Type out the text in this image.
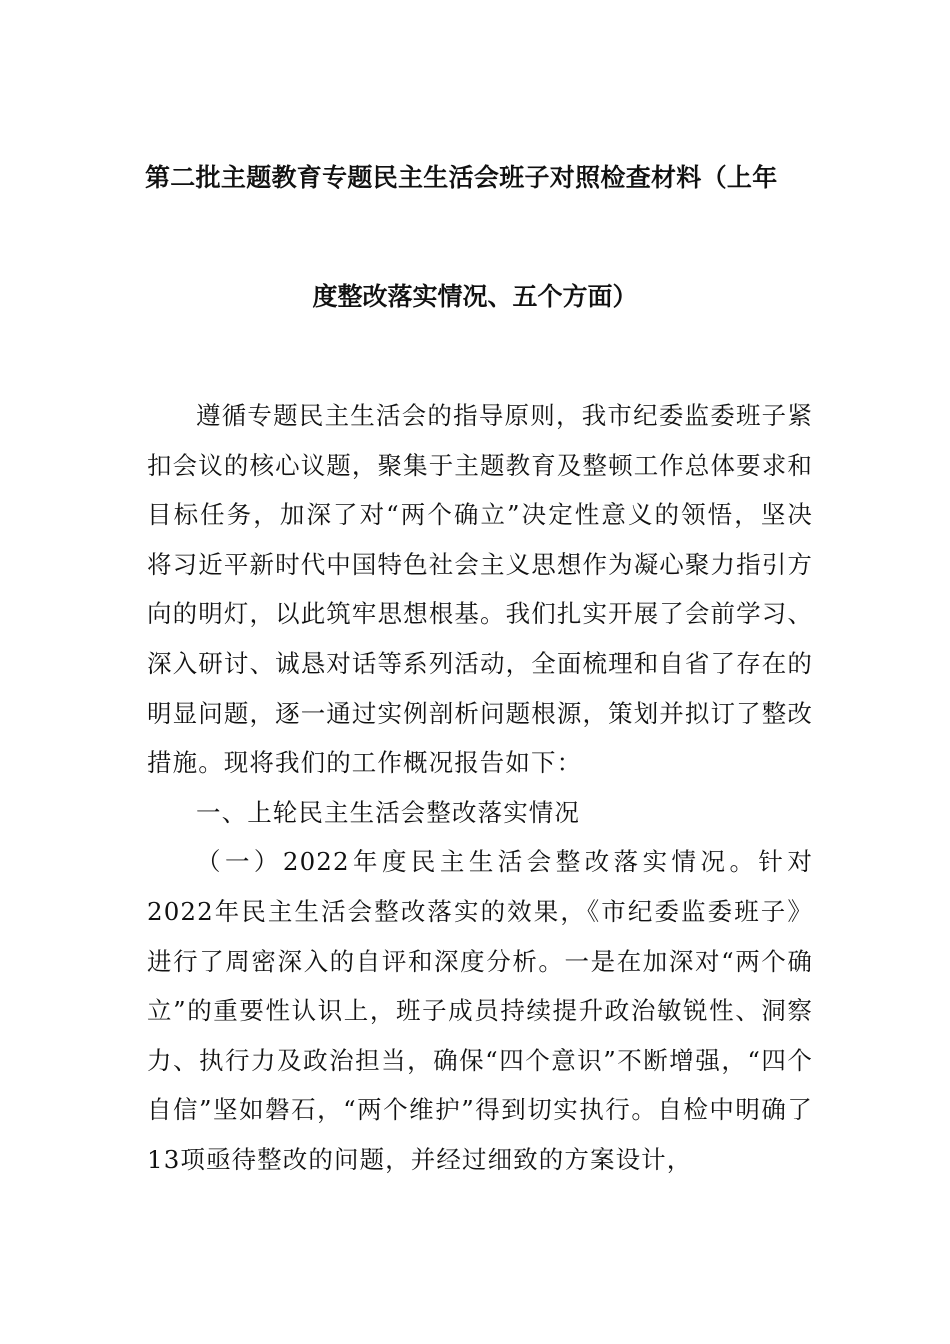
第二批主题教育专题民主生活会班子对照检查材料（上年
度整改落实情况、五个方面）

遵循专题民主生活会的指导原则，我市纪委监委班子紧扣会议的核心议题，聚集于主题教育及整顿工作总体要求和目标任务，加深了对“两个确立”决定性意义的领悟，坚决将习近平新时代中国特色社会主义思想作为凝心聚力指引方向的明灯，以此筑牢思想根基。我们扎实开展了会前学习、深入研讨、诚恳对话等系列活动，全面梳理和自省了存在的明显问题，逐一通过实例剖析问题根源，策划并拟订了整改措施。现将我们的工作概况报告如下：

一、上轮民主生活会整改落实情况

（一）2022年度民主生活会整改落实情况。针对2022年民主生活会整改落实的效果，《市纪委监委班子》进行了周密深入的自评和深度分析。一是在加深对“两个确立”的重要性认识上，班子成员持续提升政治敏锐性、洞察力、执行力及政治担当，确保“四个意识”不断增强，“四个自信”坚如磐石，“两个维护”得到切实执行。自检中明确了13项亟待整改的问题，并经过细致的方案设计，
